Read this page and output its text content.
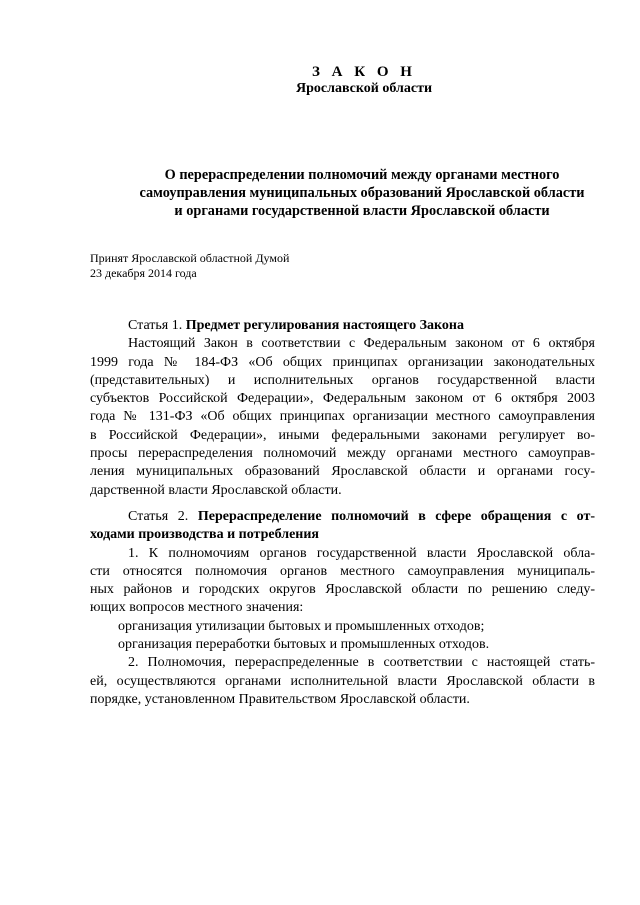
З А К О Н
Ярославской области
О перераспределении полномочий между органами местного
самоуправления муниципальных образований Ярославской области
и органами государственной власти Ярославской области
Принят Ярославской областной Думой
23 декабря 2014 года
Статья 1. Предмет регулирования настоящего Закона
Настоящий Закон в соответствии с Федеральным законом от 6 октября
1999 года № 184-ФЗ «Об общих принципах организации законодательных
(представительных) и исполнительных органов государственной власти
субъектов Российской Федерации», Федеральным законом от 6 октября 2003
года № 131-ФЗ «Об общих принципах организации местного самоуправления
в Российской Федерации», иными федеральными законами регулирует во-
просы перераспределения полномочий между органами местного самоуправ-
ления муниципальных образований Ярославской области и органами госу-
дарственной власти Ярославской области.
Статья 2. Перераспределение полномочий в сфере обращения с от-
ходами производства и потребления
1. К полномочиям органов государственной власти Ярославской обла-
сти относятся полномочия органов местного самоуправления муниципаль-
ных районов и городских округов Ярославской области по решению следу-
ющих вопросов местного значения:
организация утилизации бытовых и промышленных отходов;
организация переработки бытовых и промышленных отходов.
2. Полномочия, перераспределенные в соответствии с настоящей стать-
ей, осуществляются органами исполнительной власти Ярославской области в
порядке, установленном Правительством Ярославской области.
